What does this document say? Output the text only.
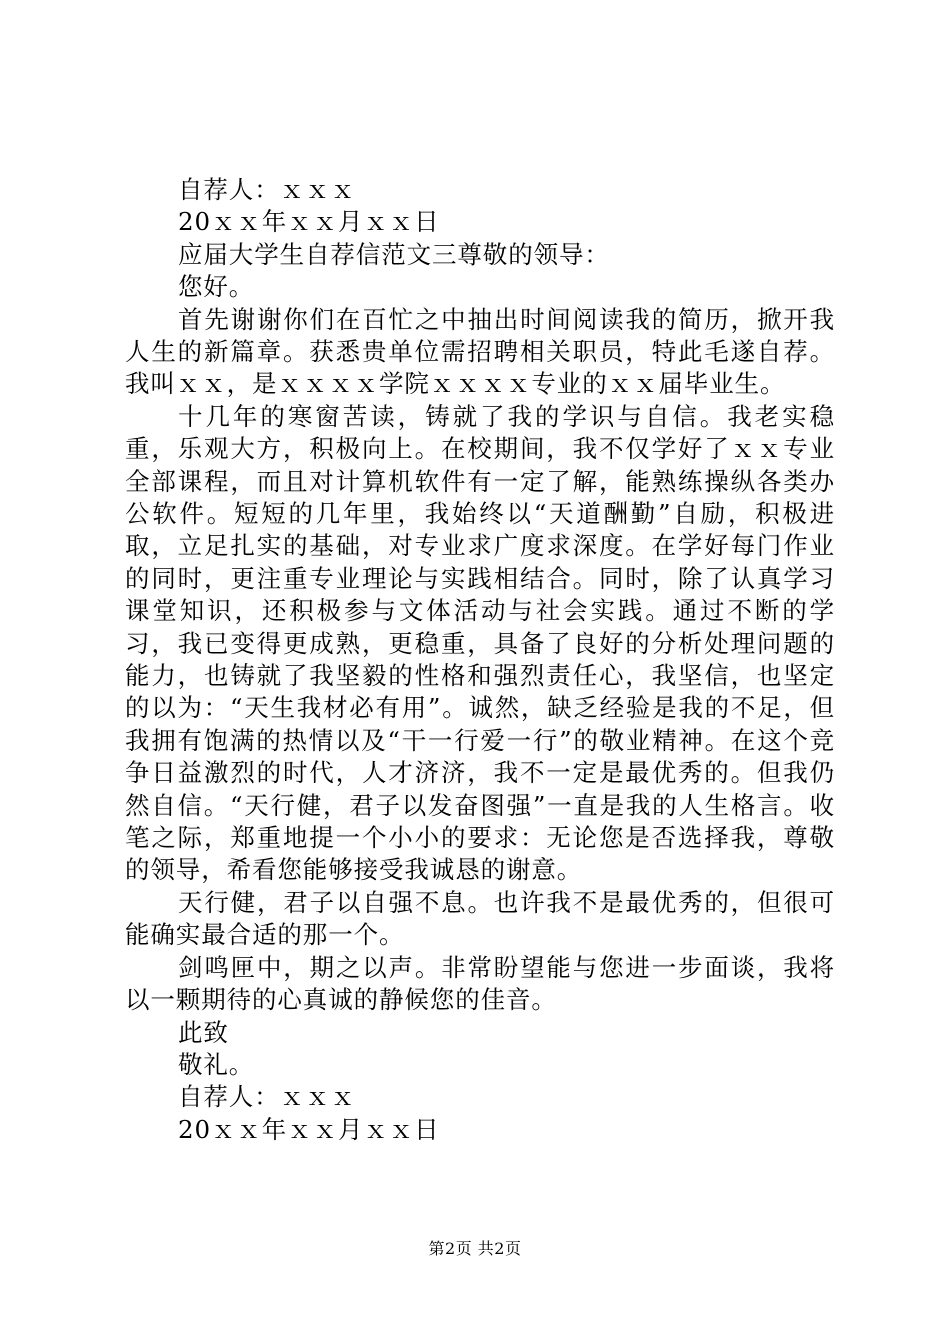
自荐人：ｘｘｘ
20ｘｘ年ｘｘ月ｘｘ日
应届大学生自荐信范文三尊敬的领导：
您好。

首先谢谢你们在百忙之中抽出时间阅读我的简历，掀开我人生的新篇章。获悉贵单位需招聘相关职员，特此毛遂自荐。我叫ｘｘ，是ｘｘｘｘ学院ｘｘｘｘ专业的ｘｘ届毕业生。

十几年的寒窗苦读，铸就了我的学识与自信。我老实稳重，乐观大方，积极向上。在校期间，我不仅学好了ｘｘ专业全部课程，而且对计算机软件有一定了解，能熟练操纵各类办公软件。短短的几年里，我始终以“天道酬勤”自励，积极进取，立足扎实的基础，对专业求广度求深度。在学好每门作业的同时，更注重专业理论与实践相结合。同时，除了认真学习课堂知识，还积极参与文体活动与社会实践。通过不断的学习，我已变得更成熟，更稳重，具备了良好的分析处理问题的能力，也铸就了我坚毅的性格和强烈责任心，我坚信，也坚定的以为：“天生我材必有用”。诚然，缺乏经验是我的不足，但我拥有饱满的热情以及“干一行爱一行”的敬业精神。在这个竞争日益激烈的时代，人才济济，我不一定是最优秀的。但我仍然自信。“天行健，君子以发奋图强”一直是我的人生格言。收笔之际，郑重地提一个小小的要求：无论您是否选择我，尊敬的领导，希看您能够接受我诚恳的谢意。

天行健，君子以自强不息。也许我不是最优秀的，但很可能确实最合适的那一个。

剑鸣匣中，期之以声。非常盼望能与您进一步面谈，我将以一颗期待的心真诚的静候您的佳音。

此致
敬礼。
自荐人：ｘｘｘ
20ｘｘ年ｘｘ月ｘｘ日
第2页 共2页
